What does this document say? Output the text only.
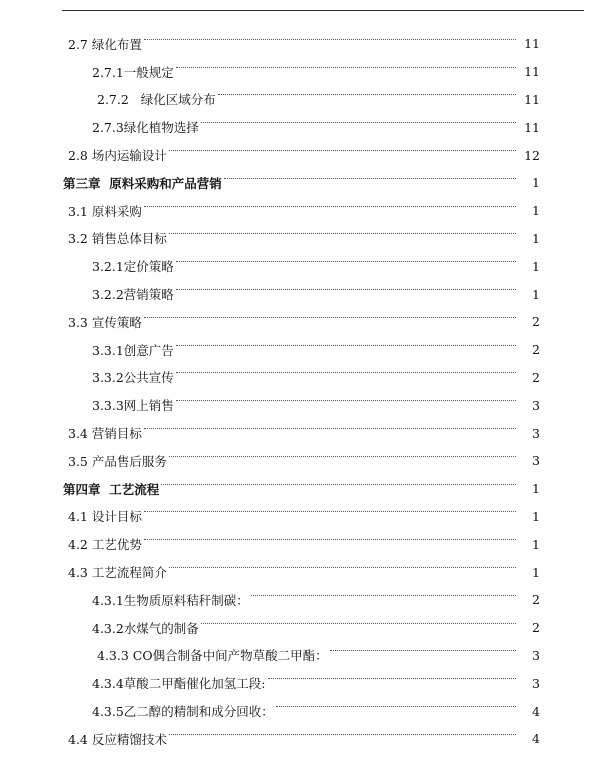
2.7 绿化布置	11
2.7.1一般规定	11
2.7.2   绿化区域分布	11
2.7.3绿化植物选择	11
2.8 场内运输设计	12
第三章  原料采购和产品营销	1
3.1 原料采购	1
3.2 销售总体目标	1
3.2.1定价策略	1
3.2.2营销策略	1
3.3 宣传策略	2
3.3.1创意广告	2
3.3.2公共宣传	2
3.3.3网上销售	3
3.4 营销目标	3
3.5 产品售后服务	3
第四章  工艺流程	1
4.1 设计目标	1
4.2 工艺优势	1
4.3 工艺流程简介	1
4.3.1生物质原料秸秆制碳：	2
4.3.2水煤气的制备	2
4.3.3 CO偶合制备中间产物草酸二甲酯：	3
4.3.4草酸二甲酯催化加氢工段:	3
4.3.5乙二醇的精制和成分回收：	4
4.4 反应精馏技术	4
